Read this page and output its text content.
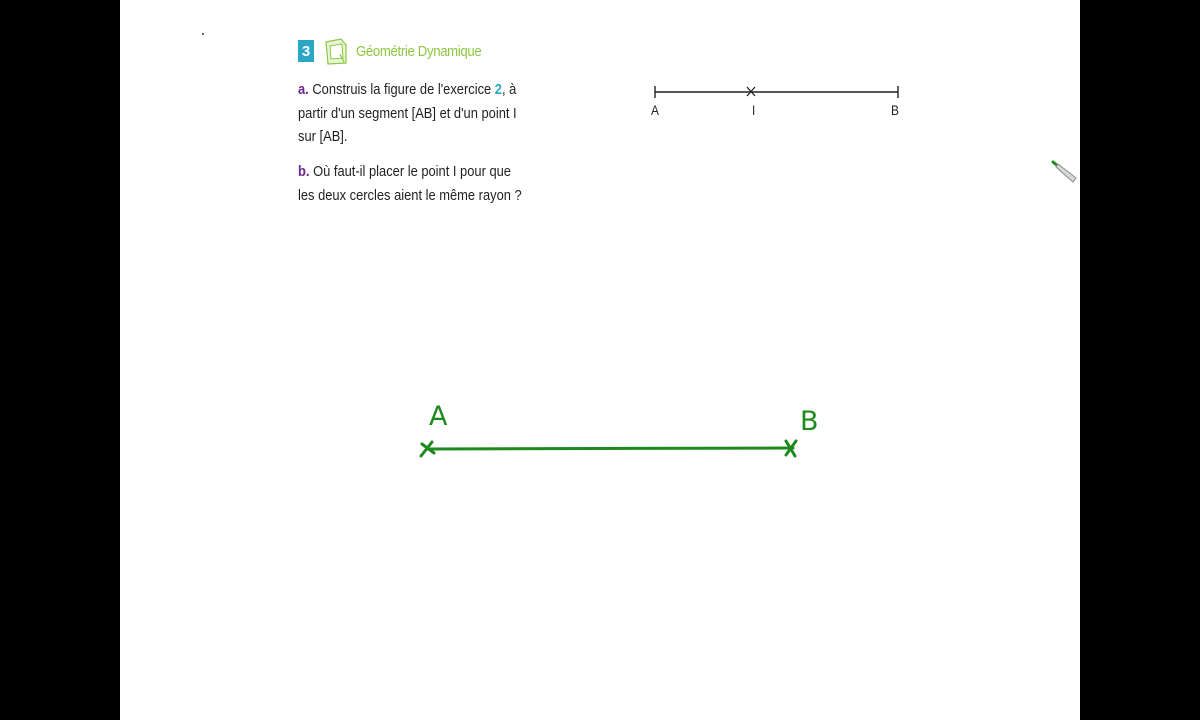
3	Géométrie Dynamique
a. Construis la figure de l'exercice 2, à partir d'un segment [AB] et d'un point I sur [AB].
b. Où faut-il placer le point I pour que les deux cercles aient le même rayon ?
A	I	B
A	B
